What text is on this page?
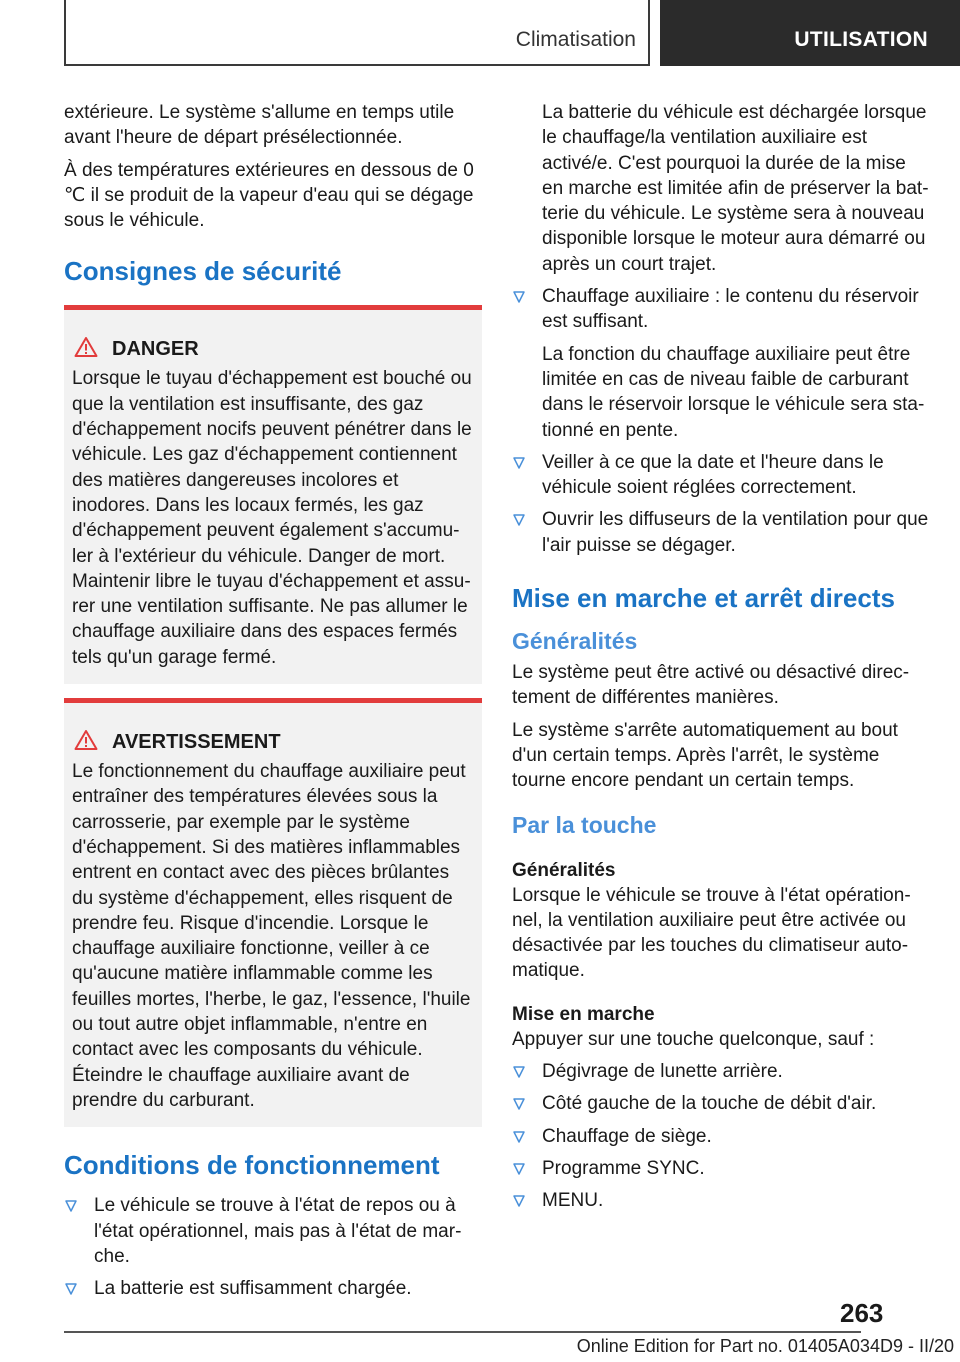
Climatisation	UTILISATION

extérieure. Le système s'allume en temps utile avant l'heure de départ présélectionnée.

À des températures extérieures en dessous de 0 ℃ il se produit de la vapeur d'eau qui se dégage sous le véhicule.

Consignes de sécurité
DANGER

Lorsque le tuyau d'échappement est bouché ou que la ventilation est insuffisante, des gaz d'échappement nocifs peuvent pénétrer dans le véhicule. Les gaz d'échappement contiennent des matières dangereuses incolores et inodores. Dans les locaux fermés, les gaz d'échappement peuvent également s'accumuler à l'extérieur du véhicule. Danger de mort. Maintenir libre le tuyau d'échappement et assurer une ventilation suffisante. Ne pas allumer le chauffage auxiliaire dans des espaces fermés tels qu'un garage fermé.

AVERTISSEMENT

Le fonctionnement du chauffage auxiliaire peut entraîner des températures élevées sous la carrosserie, par exemple par le système d'échappement. Si des matières inflammables entrent en contact avec des pièces brûlantes du système d'échappement, elles risquent de prendre feu. Risque d'incendie. Lorsque le chauffage auxiliaire fonctionne, veiller à ce qu'aucune matière inflammable comme les feuilles mortes, l'herbe, le gaz, l'essence, l'huile ou tout autre objet inflammable, n'entre en contact avec les composants du véhicule. Éteindre le chauffage auxiliaire avant de prendre du carburant.

Conditions de fonctionnement
Le véhicule se trouve à l'état de repos ou à l'état opérationnel, mais pas à l'état de marche.
La batterie est suffisamment chargée.

La batterie du véhicule est déchargée lorsque le chauffage/la ventilation auxiliaire est activé/e. C'est pourquoi la durée de la mise en marche est limitée afin de préserver la batterie du véhicule. Le système sera à nouveau disponible lorsque le moteur aura démarré ou après un court trajet.

Chauffage auxiliaire : le contenu du réservoir est suffisant.

La fonction du chauffage auxiliaire peut être limitée en cas de niveau faible de carburant dans le réservoir lorsque le véhicule sera stationné en pente.

Veiller à ce que la date et l'heure dans le véhicule soient réglées correctement.
Ouvrir les diffuseurs de la ventilation pour que l'air puisse se dégager.
Mise en marche et arrêt directs
Généralités

Le système peut être activé ou désactivé directement de différentes manières.

Le système s'arrête automatiquement au bout d'un certain temps. Après l'arrêt, le système tourne encore pendant un certain temps.

Par la touche
Généralités

Lorsque le véhicule se trouve à l'état opérationnel, la ventilation auxiliaire peut être activée ou désactivée par les touches du climatiseur automatique.

Mise en marche

Appuyer sur une touche quelconque, sauf :

Dégivrage de lunette arrière.
Côté gauche de la touche de débit d'air.
Chauffage de siège.
Programme SYNC.
MENU.
263
Online Edition for Part no. 01405A034D9 - II/20
